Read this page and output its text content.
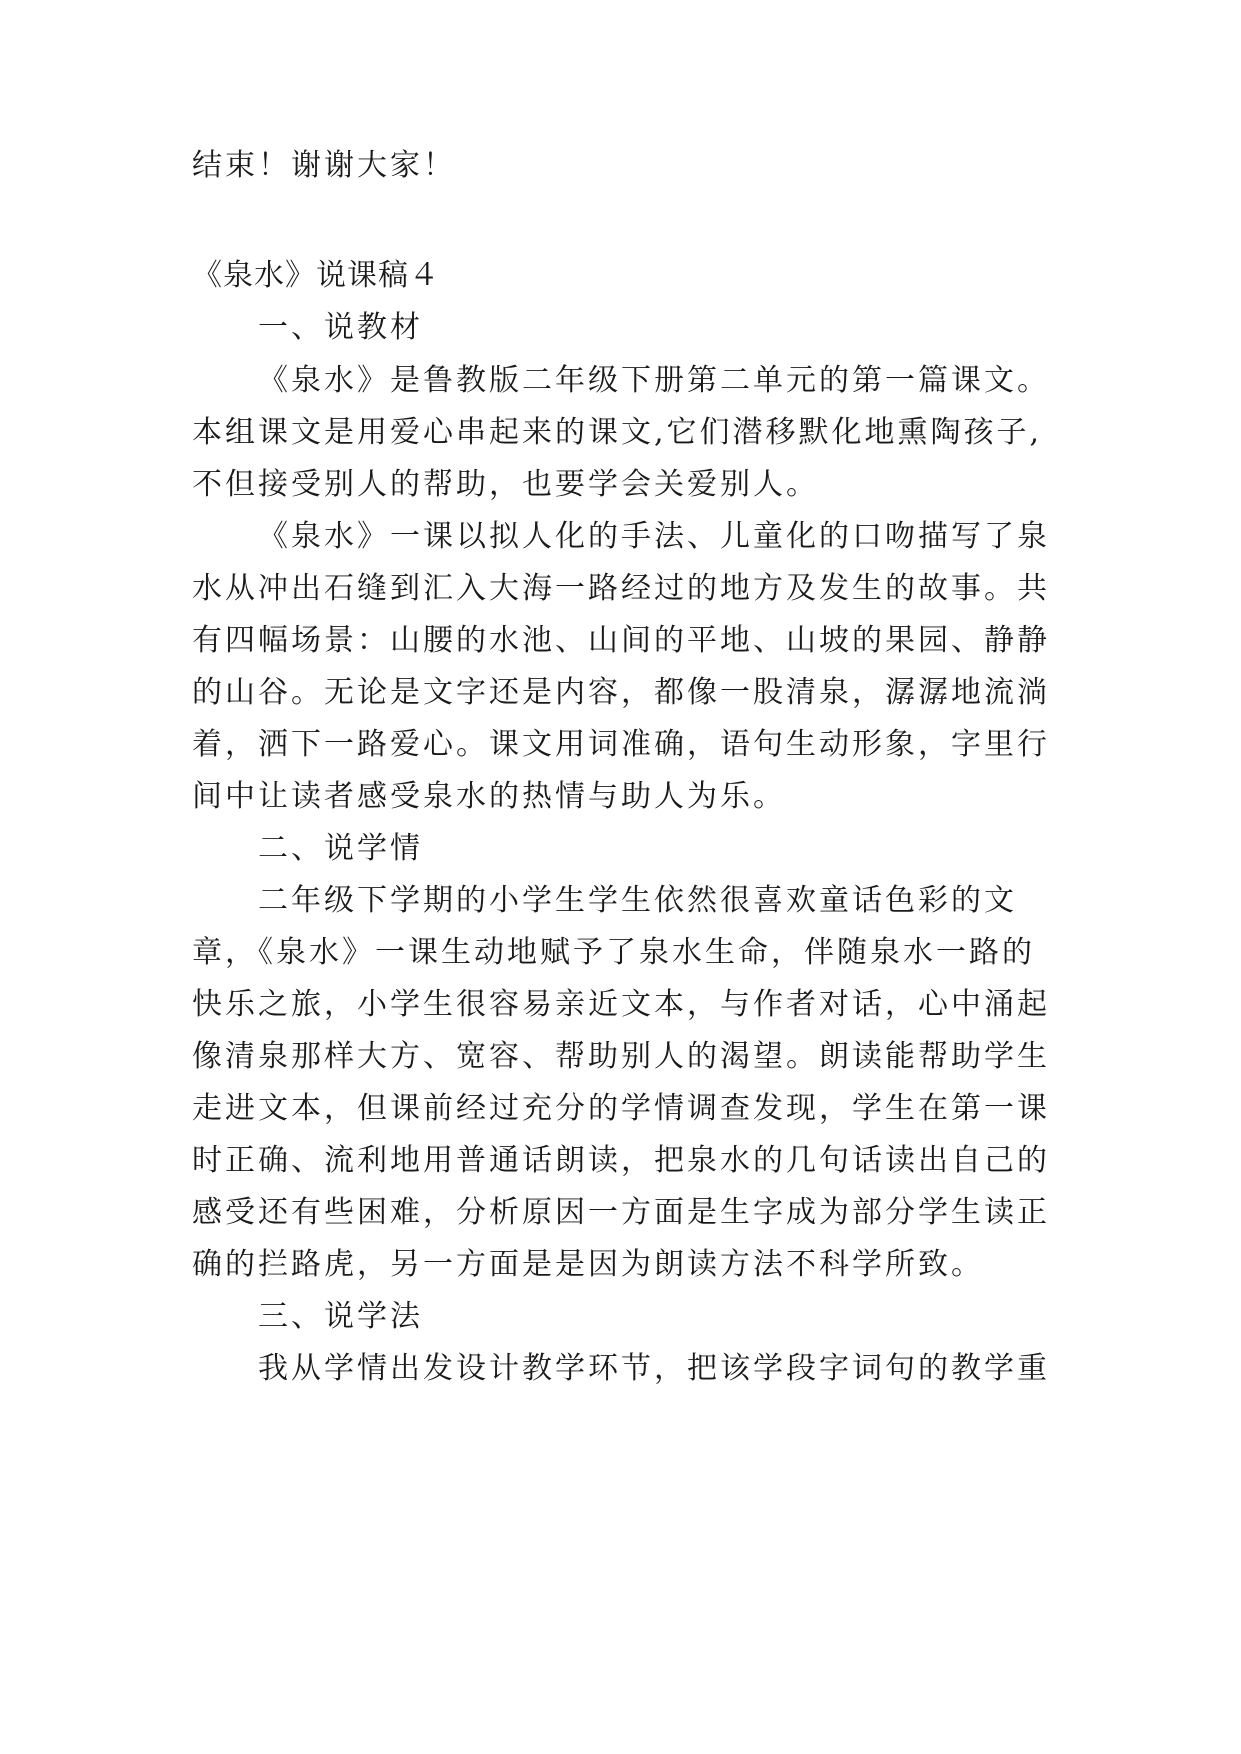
结束！谢谢大家！
《泉水》说课稿４
一、说教材
《泉水》是鲁教版二年级下册第二单元的第一篇课文。
本组课文是用爱心串起来的课文,它们潜移默化地熏陶孩子,
不但接受别人的帮助，也要学会关爱别人。
《泉水》一课以拟人化的手法、儿童化的口吻描写了泉
水从冲出石缝到汇入大海一路经过的地方及发生的故事。共
有四幅场景：山腰的水池、山间的平地、山坡的果园、静静
的山谷。无论是文字还是内容，都像一股清泉，潺潺地流淌
着，洒下一路爱心。课文用词准确，语句生动形象，字里行
间中让读者感受泉水的热情与助人为乐。
二、说学情
二年级下学期的小学生学生依然很喜欢童话色彩的文
章，《泉水》一课生动地赋予了泉水生命，伴随泉水一路的
快乐之旅，小学生很容易亲近文本，与作者对话，心中涌起
像清泉那样大方、宽容、帮助别人的渴望。朗读能帮助学生
走进文本，但课前经过充分的学情调查发现，学生在第一课
时正确、流利地用普通话朗读，把泉水的几句话读出自己的
感受还有些困难，分析原因一方面是生字成为部分学生读正
确的拦路虎，另一方面是是因为朗读方法不科学所致。
三、说学法
我从学情出发设计教学环节，把该学段字词句的教学重
